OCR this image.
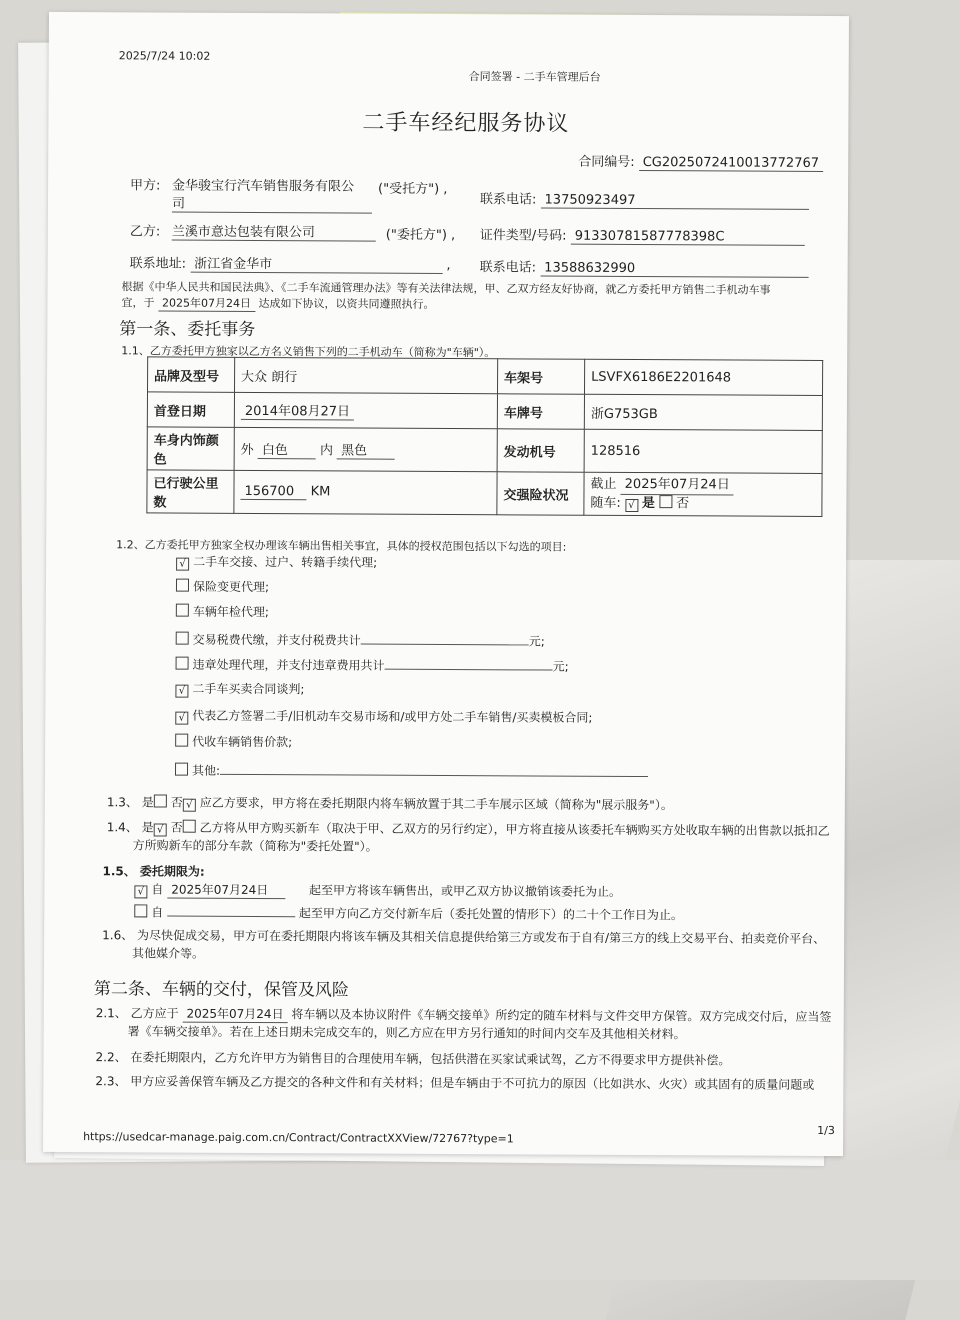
2025/7/24 10:02
合同签署 - 二手车管理后台
二手车经纪服务协议
合同编号: CG2025072410013772767
甲方: 金华骏宝行汽车销售服务有限公
司
("受托方") ,
联系电话: 13750923497
乙方: 兰溪市意达包装有限公司	("委托方") , 证件类型/号码: 91330781587778398C
联系地址: 浙江省金华市	, 联系电话: 13588632990
根据《中华人民共和国民法典》、《二手车流通管理办法》等有关法律法规，甲、乙双方经友好协商，就乙方委托甲方销售二手机动车事
宜，于 2025年07月24日 达成如下协议，以资共同遵照执行。
第一条、委托事务
1.1、乙方委托甲方独家以乙方名义销售下列的二手机动车（简称为"车辆"）。
品牌及型号	大众 朗行	车架号	LSVFX6186E2201648
首登日期	2014年08月27日	车牌号	浙G753GB
车身内饰颜色	外 白色 内 黑色	发动机号	128516
已行驶公里数	156700 KM	交强险状况	截止 2025年07月24日
随车: √ 是 否
1.2、乙方委托甲方独家全权办理该车辆出售相关事宜，具体的授权范围包括以下勾选的项目:
√ 二手车交接、过户、转籍手续代理;
保险变更代理;
车辆年检代理;
交易税费代缴，并支付税费共计	元;
违章处理代理，并支付违章费用共计	元;
√ 二手车买卖合同谈判;
√ 代表乙方签署二手/旧机动车交易市场和/或甲方处二手车销售/买卖模板合同;
代收车辆销售价款;
其他:
1.3、 是 否 √ 应乙方要求，甲方将在委托期限内将车辆放置于其二手车展示区域（简称为"展示服务"）。
1.4、 是 √ 否 乙方将从甲方购买新车（取决于甲、乙双方的另行约定），甲方将直接从该委托车辆购买方处收取车辆的出售款以抵扣乙
方所购新车的部分车款（简称为"委托处置"）。
1.5、 委托期限为:
√ 自 2025年07月24日	起至甲方将该车辆售出，或甲乙双方协议撤销该委托为止。
自	起至甲方向乙方交付新车后（委托处置的情形下）的二十个工作日为止。
1.6、 为尽快促成交易，甲方可在委托期限内将该车辆及其相关信息提供给第三方或发布于自有/第三方的线上交易平台、拍卖竞价平台、
其他媒介等。
第二条、车辆的交付，保管及风险
2.1、 乙方应于 2025年07月24日 将车辆以及本协议附件《车辆交接单》所约定的随车材料与文件交甲方保管。双方完成交付后，应当签
署《车辆交接单》。若在上述日期未完成交车的，则乙方应在甲方另行通知的时间内交车及其他相关材料。
2.2、 在委托期限内，乙方允许甲方为销售目的合理使用车辆，包括供潜在买家试乘试驾，乙方不得要求甲方提供补偿。
2.3、 甲方应妥善保管车辆及乙方提交的各种文件和有关材料；但是车辆由于不可抗力的原因（比如洪水、火灾）或其固有的质量问题或
https://usedcar-manage.paig.com.cn/Contract/ContractXXView/72767?type=1	1/3
